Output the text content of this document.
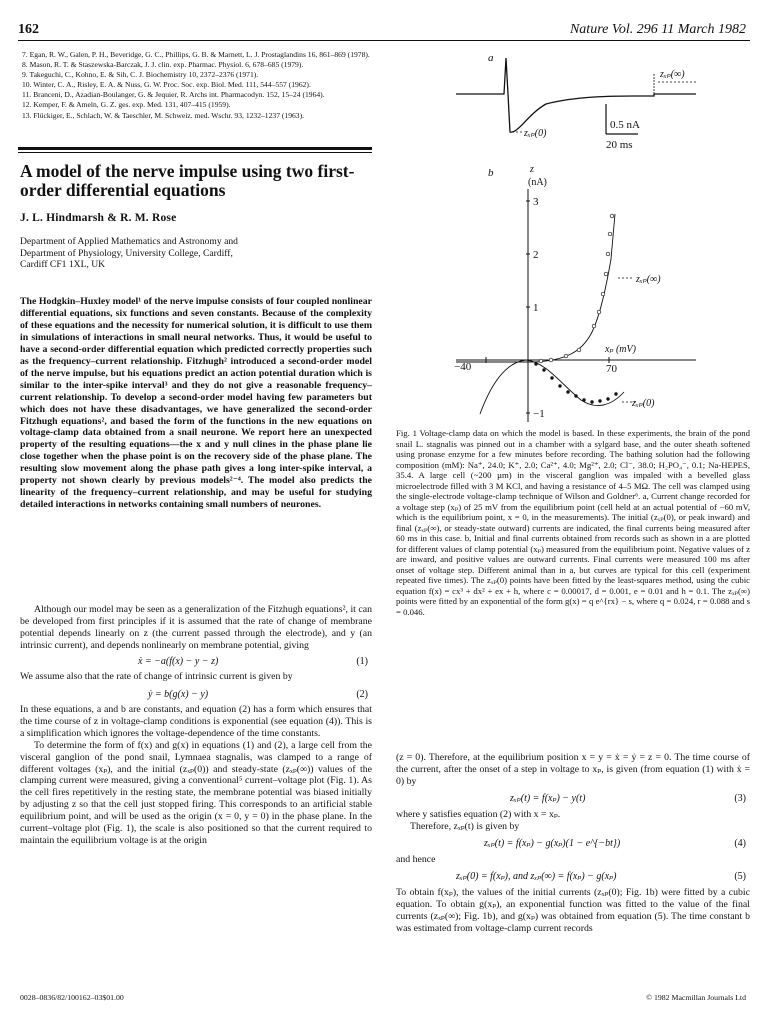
162	Nature Vol. 296 11 March 1982
7. Egan, R. W., Galen, P. H., Beveridge, G. C., Phillips, G. B. & Marnett, L. J. Prostaglandins 16, 861–869 (1978).
8. Mason, R. T. & Staszewska-Barczak, J. J. clin. exp. Pharmac. Physiol. 6, 678–685 (1979).
9. Takeguchi, C., Kohno, E. & Sih, C. J. Biochemistry 10, 2372–2376 (1971).
10. Winter, C. A., Risley, E. A. & Nuss, G. W. Proc. Soc. exp. Biol. Med. 111, 544–557 (1962).
11. Branceni, D., Azadian-Boulanger, G. & Jequier, R. Archs int. Pharmacodyn. 152, 15–24 (1964).
12. Kemper, F. & Ameln, G. Z. ges. exp. Med. 131, 407–415 (1959).
13. Flückiger, E., Schlach, W. & Taeschler, M. Schweiz. med. Wschr. 93, 1232–1237 (1963).
A model of the nerve impulse using two first-order differential equations
J. L. Hindmarsh & R. M. Rose
Department of Applied Mathematics and Astronomy and
Department of Physiology, University College, Cardiff,
Cardiff CF1 1XL, UK

The Hodgkin–Huxley model¹ of the nerve impulse consists of four coupled nonlinear differential equations, six functions and seven constants. Because of the complexity of these equations and the necessity for numerical solution, it is difficult to use them in simulations of interactions in small neural networks. Thus, it would be useful to have a second-order differential equation which predicted correctly properties such as the frequency–current relationship. Fitzhugh² introduced a second-order model of the nerve impulse, but his equations predict an action potential duration which is similar to the inter-spike interval³ and they do not give a reasonable frequency–current relationship. To develop a second-order model having few parameters but which does not have these disadvantages, we have generalized the second-order Fitzhugh equations², and based the form of the functions in the new equations on voltage-clamp data obtained from a snail neurone. We report here an unexpected property of the resulting equations—the x and y null clines in the phase plane lie close together when the phase point is on the recovery side of the phase plane. The resulting slow movement along the phase path gives a long inter-spike interval, a property not shown clearly by previous models²⁻⁴. The model also predicts the linearity of the frequency–current relationship, and may be useful for studying detailed interactions in networks containing small numbers of neurones.

Although our model may be seen as a generalization of the Fitzhugh equations², it can be developed from first principles if it is assumed that the rate of change of membrane potential depends linearly on z (the current passed through the electrode), and y (an intrinsic current), and depends nonlinearly on membrane potential, giving

ẋ = −a(f(x) − y − z)	(1)

We assume also that the rate of change of intrinsic current is given by

ẏ = b(g(x) − y)	(2)

In these equations, a and b are constants, and equation (2) has a form which ensures that the time course of z in voltage-clamp conditions is exponential (see equation (4)). This is a simplification which ignores the voltage-dependence of the time constants.

To determine the form of f(x) and g(x) in equations (1) and (2), a large cell from the visceral ganglion of the pond snail, Lymnaea stagnalis, was clamped to a range of different voltages (xₚ), and the initial (zₓₚ(0)) and steady-state (zₓₚ(∞)) values of the clamping current were measured, giving a conventional⁵ current–voltage plot (Fig. 1). As the cell fires repetitively in the resting state, the membrane potential was biased initially by adjusting z so that the cell just stopped firing. This corresponds to an artificial stable equilibrium point, and will be used as the origin (x = 0, y = 0) in the phase plane. In the current–voltage plot (Fig. 1), the scale is also positioned so that the current required to maintain the equilibrium voltage is at the origin

a
zₓₚ(∞)
zₓₚ(0)
0.5 nA
20 ms
b	z
(nA)
3
2
1
−1
−40	70
xₚ (mV)
zₓₚ(∞)
zₓₚ(0)

Fig. 1 Voltage-clamp data on which the model is based. In these experiments, the brain of the pond snail L. stagnalis was pinned out in a chamber with a sylgard base, and the outer sheath softened using pronase enzyme for a few minutes before recording. The bathing solution had the following composition (mM): Na⁺, 24.0; K⁺, 2.0; Ca²⁺, 4.0; Mg²⁺, 2.0; Cl⁻, 38.0; H₂PO₄⁻, 0.1; Na-HEPES, 35.4. A large cell (~200 µm) in the visceral ganglion was impaled with a bevelled glass microelectrode filled with 3 M KCl, and having a resistance of 4–5 MΩ. The cell was clamped using the single-electrode voltage-clamp technique of Wilson and Goldner⁶. a, Current change recorded for a voltage step (xₚ) of 25 mV from the equilibrium point (cell held at an actual potential of −60 mV, which is the equilibrium point, x = 0, in the measurements). The initial (zₓₚ(0), or peak inward) and final (zₓₚ(∞), or steady-state outward) currents are indicated, the final currents being measured after 60 ms in this case. b, Initial and final currents obtained from records such as shown in a are plotted for different values of clamp potential (xₚ) measured from the equilibrium point. Negative values of z are inward, and positive values are outward currents. Final currents were measured 100 ms after onset of voltage step. Different animal than in a, but curves are typical for this cell (experiment repeated five times). The zₓₚ(0) points have been fitted by the least-squares method, using the cubic equation f(x) = cx³ + dx² + ex + h, where c = 0.00017, d = 0.001, e = 0.01 and h = 0.1. The zₓₚ(∞) points were fitted by an exponential of the form g(x) = q e^{rx} − s, where q = 0.024, r = 0.088 and s = 0.046.

(z = 0). Therefore, at the equilibrium position x = y = ẋ = ẏ = z = 0. The time course of the current, after the onset of a step in voltage to xₚ, is given (from equation (1) with ẋ = 0) by

zₓₚ(t) = f(xₚ) − y(t)	(3)

where y satisfies equation (2) with x = xₚ.

Therefore, zₓₚ(t) is given by

zₓₚ(t) = f(xₚ) − g(xₚ)(1 − e^{−bt})	(4)

and hence

zₓₚ(0) = f(xₚ), and zₓₚ(∞) = f(xₚ) − g(xₚ)	(5)

To obtain f(xₚ), the values of the initial currents (zₓₚ(0); Fig. 1b) were fitted by a cubic equation. To obtain g(xₚ), an exponential function was fitted to the value of the final currents (zₓₚ(∞); Fig. 1b), and g(xₚ) was obtained from equation (5). The time constant b was estimated from voltage-clamp current records

0028–0836/82/100162–03$01.00	© 1982 Macmillan Journals Ltd
